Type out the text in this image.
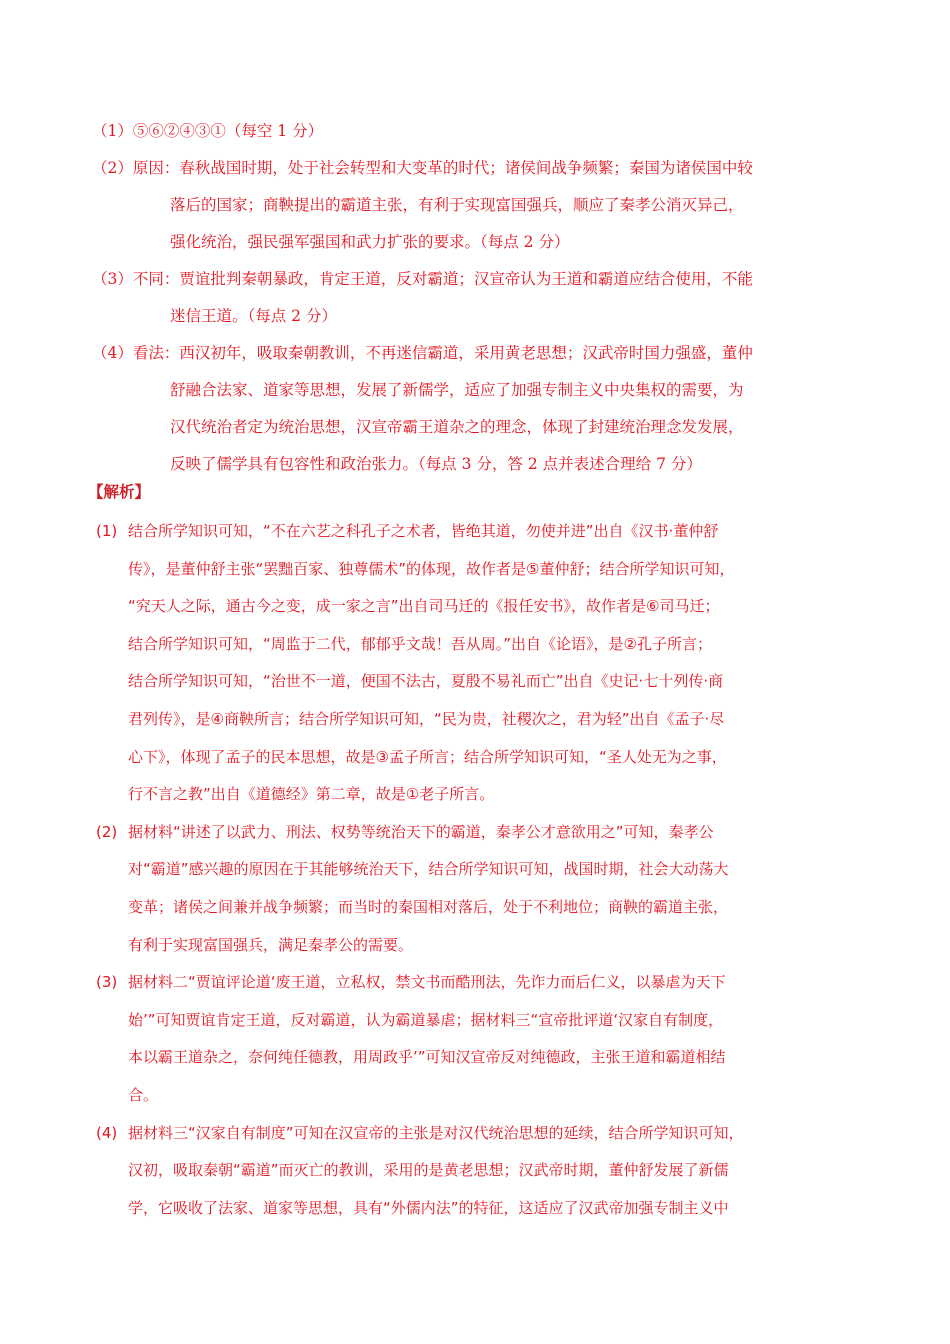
（1）⑤⑥②④③①（每空 1 分）
（2）原因：春秋战国时期，处于社会转型和大变革的时代；诸侯间战争频繁；秦国为诸侯国中较
落后的国家；商鞅提出的霸道主张，有利于实现富国强兵，顺应了秦孝公消灭异己，
强化统治，强民强军强国和武力扩张的要求。（每点 2 分）
（3）不同：贾谊批判秦朝暴政，肯定王道，反对霸道；汉宣帝认为王道和霸道应结合使用，不能
迷信王道。（每点 2 分）
（4）看法：西汉初年，吸取秦朝教训，不再迷信霸道，采用黄老思想；汉武帝时国力强盛，董仲
舒融合法家、道家等思想，发展了新儒学，适应了加强专制主义中央集权的需要，为
汉代统治者定为统治思想，汉宣帝霸王道杂之的理念，体现了封建统治理念发发展，
反映了儒学具有包容性和政治张力。（每点 3 分，答 2 点并表述合理给 7 分）
【解析】
(1) 结合所学知识可知，“不在六艺之科孔子之术者，皆绝其道，勿使并进”出自《汉书·董仲舒
传》，是董仲舒主张“罢黜百家、独尊儒术”的体现，故作者是⑤董仲舒；结合所学知识可知，
“究天人之际，通古今之变，成一家之言”出自司马迁的《报任安书》，故作者是⑥司马迁；
结合所学知识可知，“周监于二代，郁郁乎文哉！吾从周。”出自《论语》，是②孔子所言；
结合所学知识可知，“治世不一道，便国不法古，夏殷不易礼而亡”出自《史记·七十列传·商
君列传》，是④商鞅所言；结合所学知识可知，“民为贵，社稷次之，君为轻”出自《孟子·尽
心下》，体现了孟子的民本思想，故是③孟子所言；结合所学知识可知，“圣人处无为之事，
行不言之教”出自《道德经》第二章，故是①老子所言。
(2) 据材料“讲述了以武力、刑法、权势等统治天下的霸道，秦孝公才意欲用之”可知，秦孝公
对“霸道”感兴趣的原因在于其能够统治天下，结合所学知识可知，战国时期，社会大动荡大
变革；诸侯之间兼并战争频繁；而当时的秦国相对落后，处于不利地位；商鞅的霸道主张，
有利于实现富国强兵，满足秦孝公的需要。
(3) 据材料二“贾谊评论道‘废王道，立私权，禁文书而酷刑法，先诈力而后仁义，以暴虐为天下
始’”可知贾谊肯定王道，反对霸道，认为霸道暴虐；据材料三“宣帝批评道‘汉家自有制度，
本以霸王道杂之，奈何纯任德教，用周政乎’”可知汉宣帝反对纯德政，主张王道和霸道相结
合。
(4) 据材料三“汉家自有制度”可知在汉宣帝的主张是对汉代统治思想的延续，结合所学知识可知，
汉初，吸取秦朝“霸道”而灭亡的教训，采用的是黄老思想；汉武帝时期，董仲舒发展了新儒
学，它吸收了法家、道家等思想，具有“外儒内法”的特征，这适应了汉武帝加强专制主义中
